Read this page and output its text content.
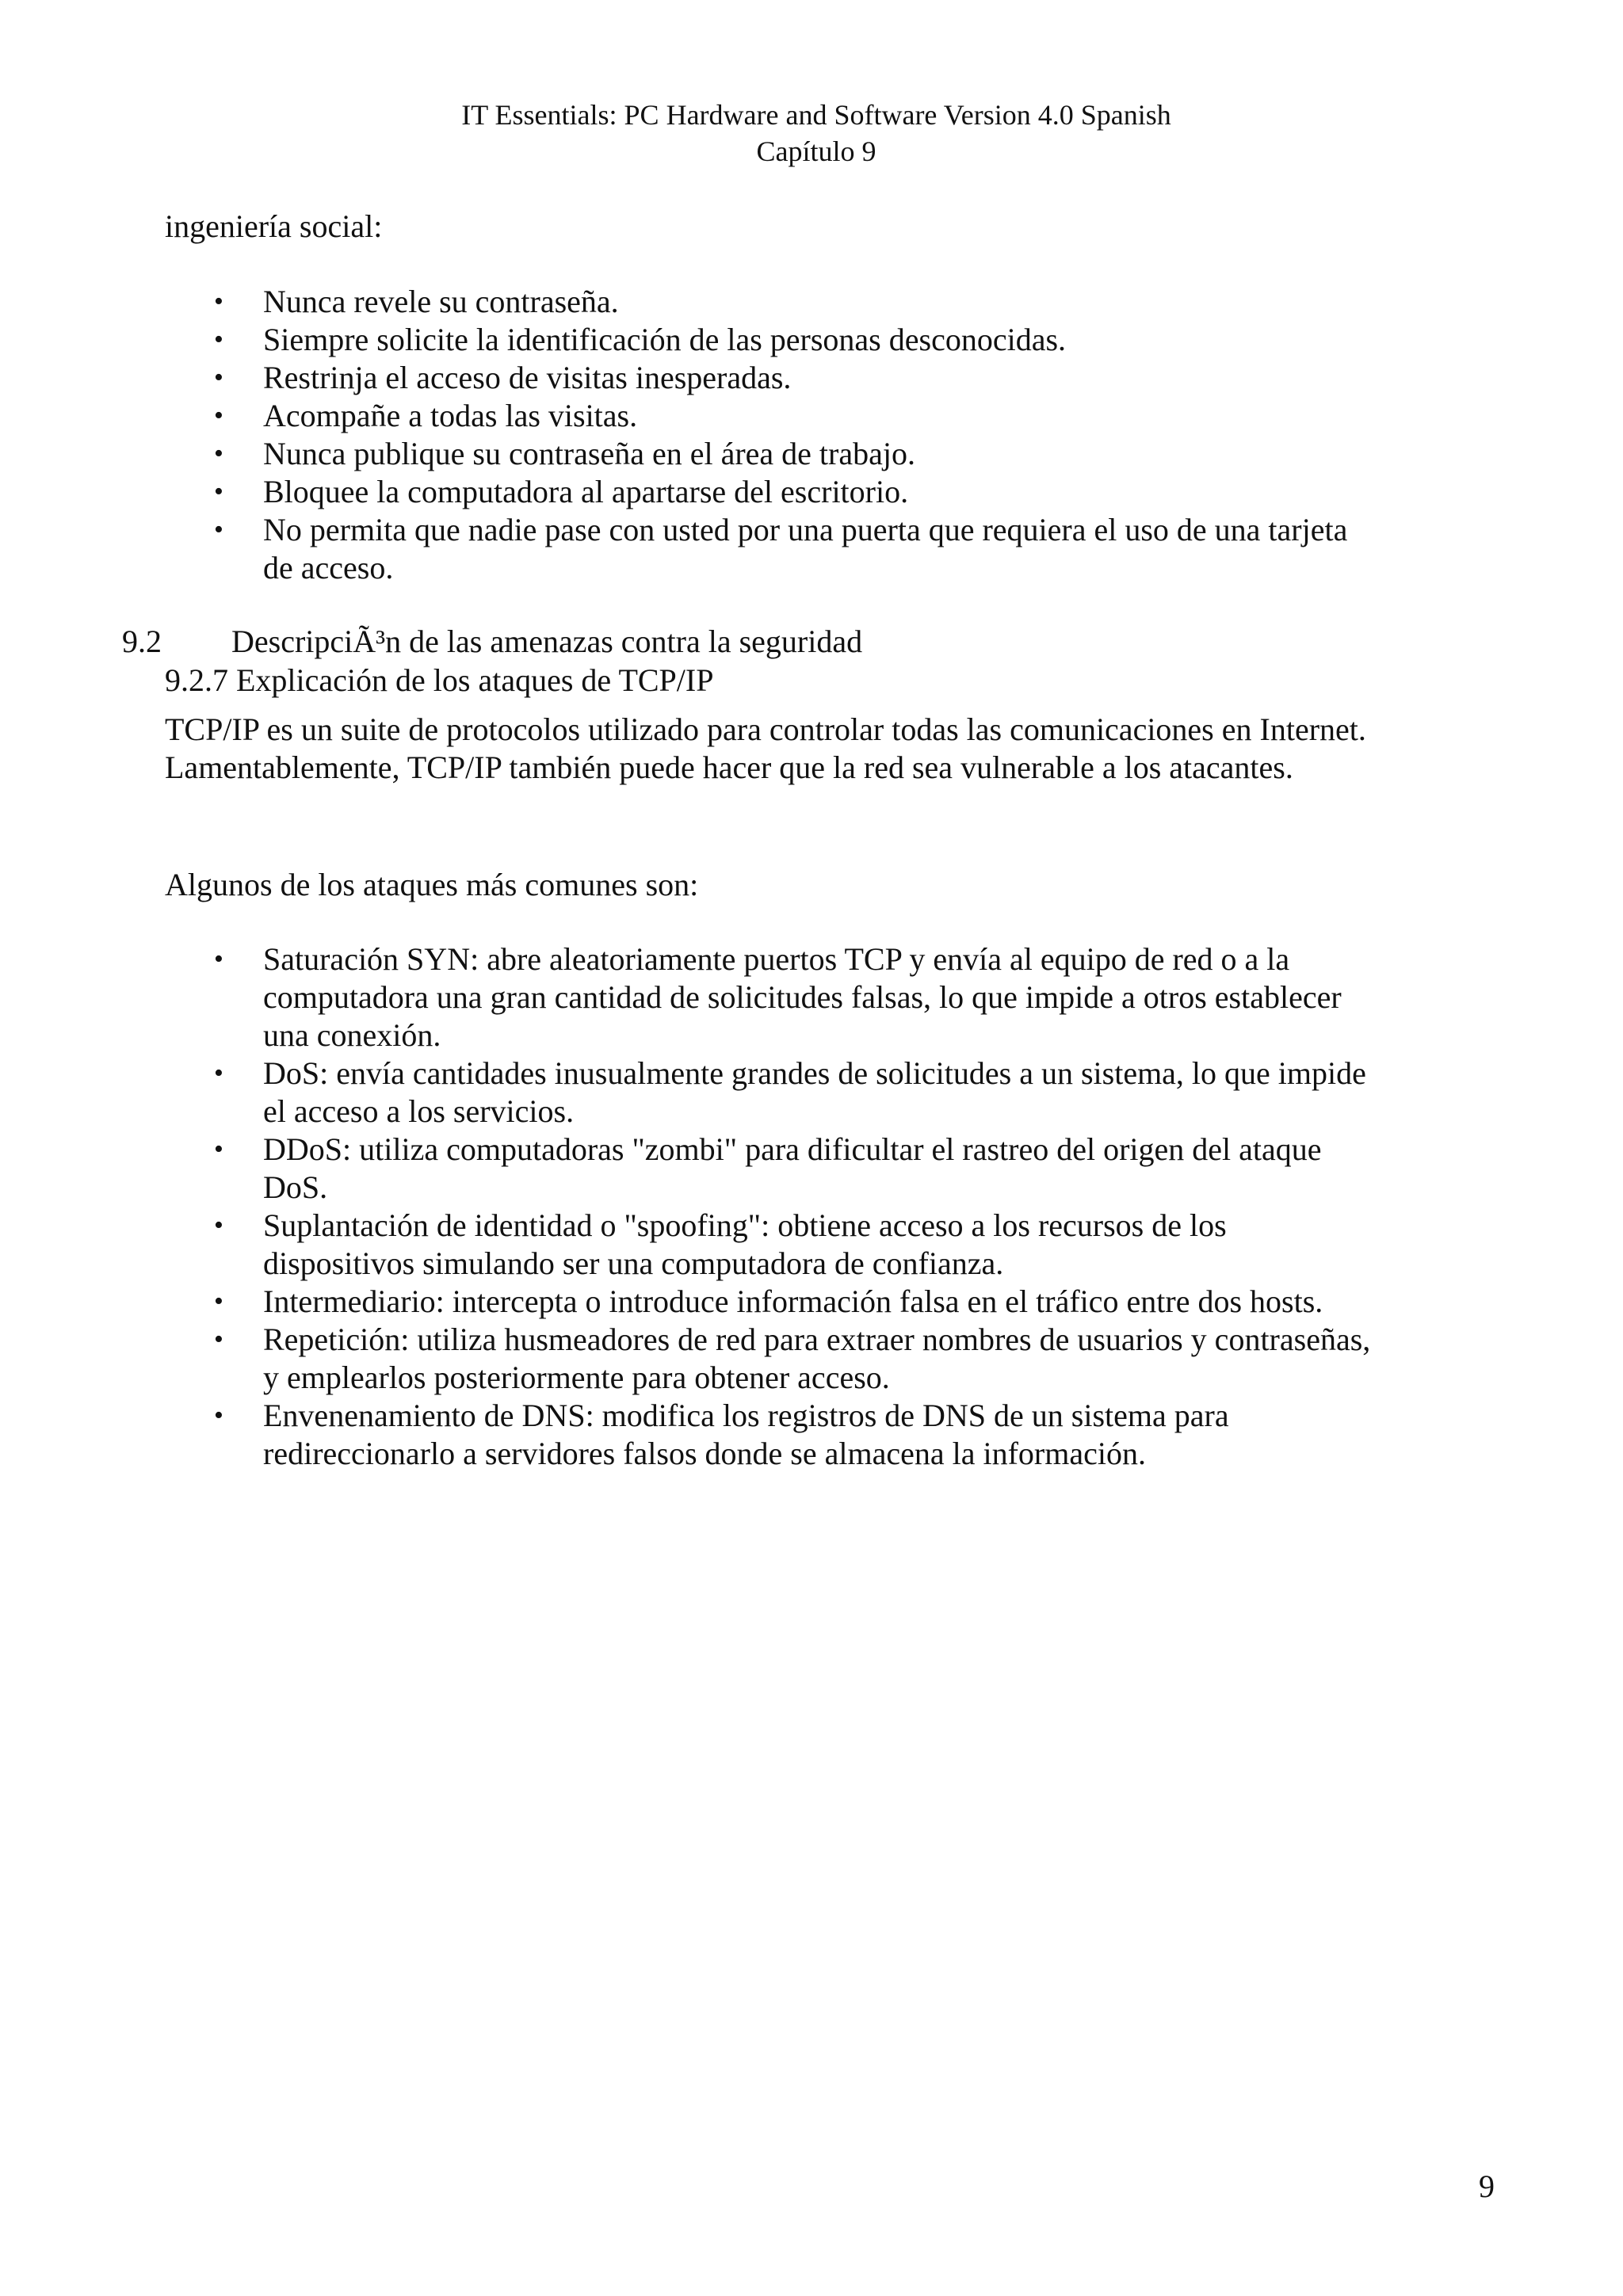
IT Essentials: PC Hardware and Software Version 4.0 Spanish
Capítulo 9
ingeniería social:
• Nunca revele su contraseña.
• Siempre solicite la identificación de las personas desconocidas.
• Restrinja el acceso de visitas inesperadas.
• Acompañe a todas las visitas.
• Nunca publique su contraseña en el área de trabajo.
• Bloquee la computadora al apartarse del escritorio.
• No permita que nadie pase con usted por una puerta que requiera el uso de una tarjeta de acceso.
9.2 DescripciÃ³n de las amenazas contra la seguridad
9.2.7 Explicación de los ataques de TCP/IP
TCP/IP es un suite de protocolos utilizado para controlar todas las comunicaciones en Internet. Lamentablemente, TCP/IP también puede hacer que la red sea vulnerable a los atacantes.
Algunos de los ataques más comunes son:
• Saturación SYN: abre aleatoriamente puertos TCP y envía al equipo de red o a la computadora una gran cantidad de solicitudes falsas, lo que impide a otros establecer una conexión.
• DoS: envía cantidades inusualmente grandes de solicitudes a un sistema, lo que impide el acceso a los servicios.
• DDoS: utiliza computadoras "zombi" para dificultar el rastreo del origen del ataque DoS.
• Suplantación de identidad o "spoofing": obtiene acceso a los recursos de los dispositivos simulando ser una computadora de confianza.
• Intermediario: intercepta o introduce información falsa en el tráfico entre dos hosts.
• Repetición: utiliza husmeadores de red para extraer nombres de usuarios y contraseñas, y emplearlos posteriormente para obtener acceso.
• Envenenamiento de DNS: modifica los registros de DNS de un sistema para redireccionarlo a servidores falsos donde se almacena la información.
9
